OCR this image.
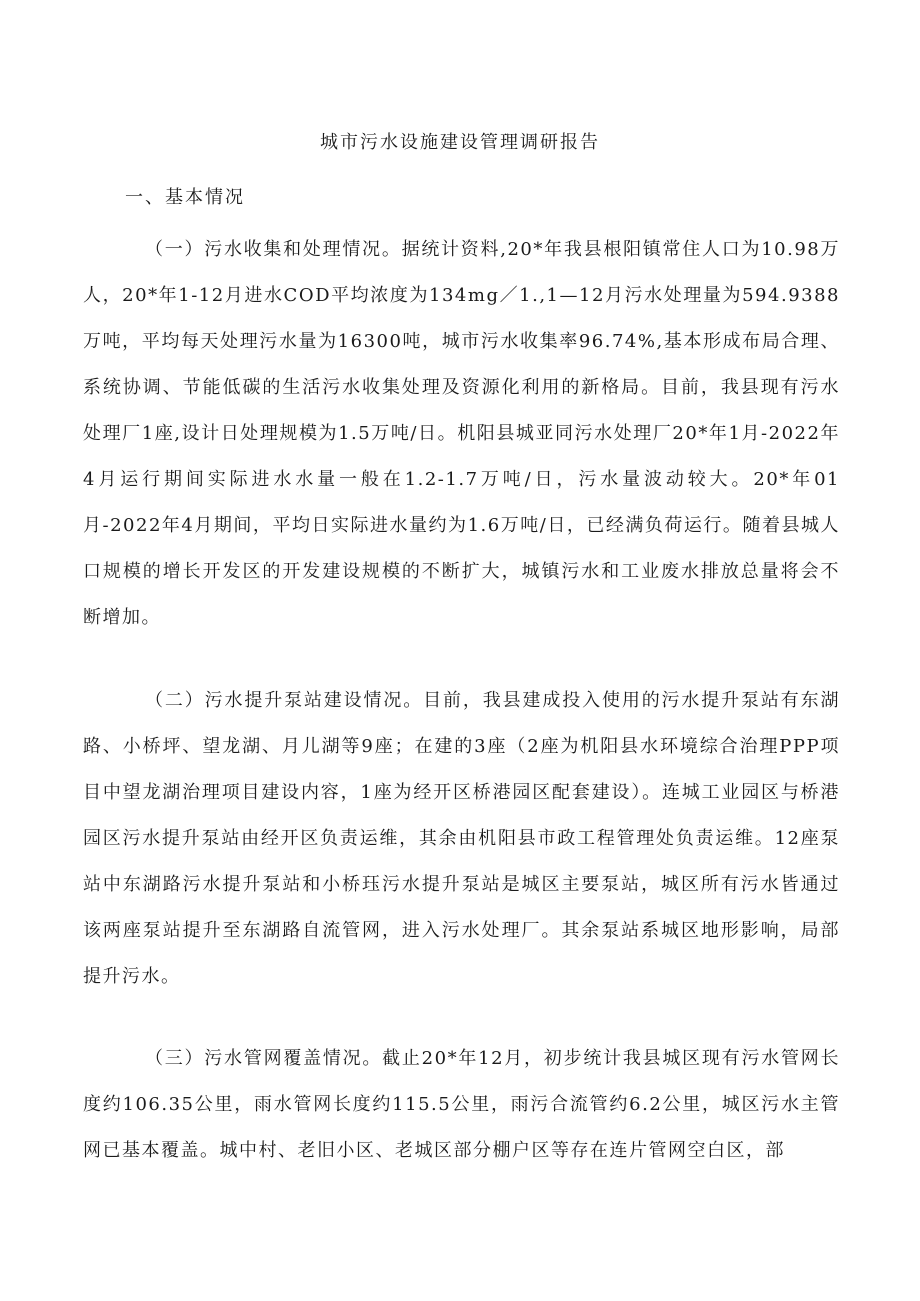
城市污水设施建设管理调研报告
一、基本情况

（一）污水收集和处理情况。据统计资料,20*年我县根阳镇常住人口为10.98万人，20*年1-12月进水COD平均浓度为134mg／1.,1—12月污水处理量为594.9388万吨，平均每天处理污水量为16300吨，城市污水收集率96.74%,基本形成布局合理、系统协调、节能低碳的生活污水收集处理及资源化利用的新格局。目前，我县现有污水处理厂1座,设计日处理规模为1.5万吨/日。机阳县城亚同污水处理厂20*年1月-2022年4月运行期间实际进水水量一般在1.2-1.7万吨/日，污水量波动较大。20*年01月-2022年4月期间，平均日实际进水量约为1.6万吨/日，已经满负荷运行。随着县城人口规模的增长开发区的开发建设规模的不断扩大，城镇污水和工业废水排放总量将会不断增加。

（二）污水提升泵站建设情况。目前，我县建成投入使用的污水提升泵站有东湖路、小桥坪、望龙湖、月儿湖等9座；在建的3座（2座为机阳县水环境综合治理PPP项目中望龙湖治理项目建设内容，1座为经开区桥港园区配套建设）。连城工业园区与桥港园区污水提升泵站由经开区负责运维，其余由机阳县市政工程管理处负责运维。12座泵站中东湖路污水提升泵站和小桥珏污水提升泵站是城区主要泵站，城区所有污水皆通过该两座泵站提升至东湖路自流管网，进入污水处理厂。其余泵站系城区地形影响，局部提升污水。

（三）污水管网覆盖情况。截止20*年12月，初步统计我县城区现有污水管网长度约106.35公里，雨水管网长度约115.5公里，雨污合流管约6.2公里，城区污水主管网已基本覆盖。城中村、老旧小区、老城区部分棚户区等存在连片管网空白区，部
